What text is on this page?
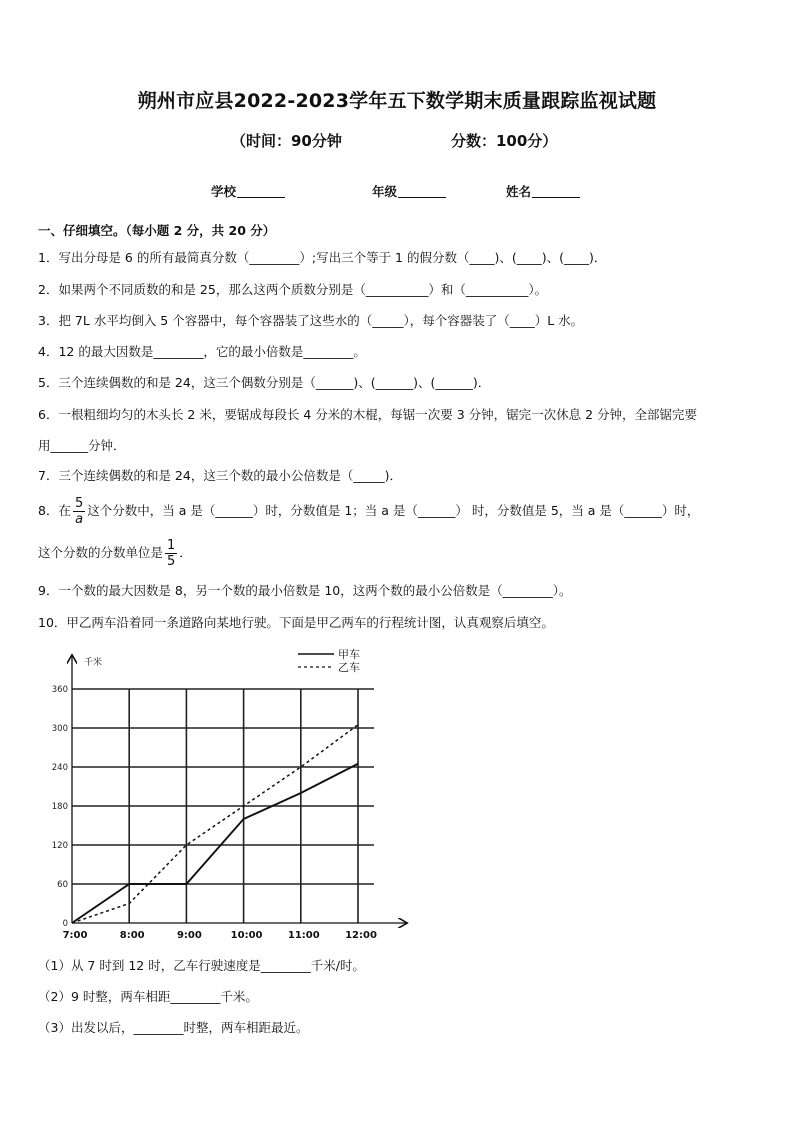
朔州市应县2022-2023学年五下数学期末质量跟踪监视试题
（时间：90分钟	分数：100分）
学校	年级	姓名
一、仔细填空。（每小题 2 分，共 20 分）
1．写出分母是 6 的所有最简真分数（________）;写出三个等于 1 的假分数（____)、(____)、(____)．
2．如果两个不同质数的和是 25，那么这两个质数分别是（__________）和（__________）。
3．把 7L 水平均倒入 5 个容器中，每个容器装了这些水的（_____），每个容器装了（____）L 水。
4．12 的最大因数是________，它的最小倍数是________。
5．三个连续偶数的和是 24，这三个偶数分别是（______)、(______)、(______)．
6．一根粗细均匀的木头长 2 米，要锯成每段长 4 分米的木棍，每锯一次要 3 分钟，锯完一次休息 2 分钟，全部锯完要
用______分钟．
7．三个连续偶数的和是 24，这三个数的最小公倍数是（_____)．
8．在 $\frac{5}{a}$ 这个分数中，当 a 是（______）时，分数值是 1；当 a 是（______） 时，分数值是 5，当 a 是（______）时，
这个分数的分数单位是 $\frac{1}{5}$ ．
9．一个数的最大因数是 8，另一个数的最小倍数是 10，这两个数的最小公倍数是（________）。
10．甲乙两车沿着同一条道路向某地行驶。下面是甲乙两车的行程统计图，认真观察后填空。
千米
0
60
120
180
240
300
360
7:00	8:00	9:00	10:00	11:00	12:00
甲车
乙车
（1）从 7 时到 12 时，乙车行驶速度是________千米/时。
（2）9 时整，两车相距________千米。
（3）出发以后，________时整，两车相距最近。
